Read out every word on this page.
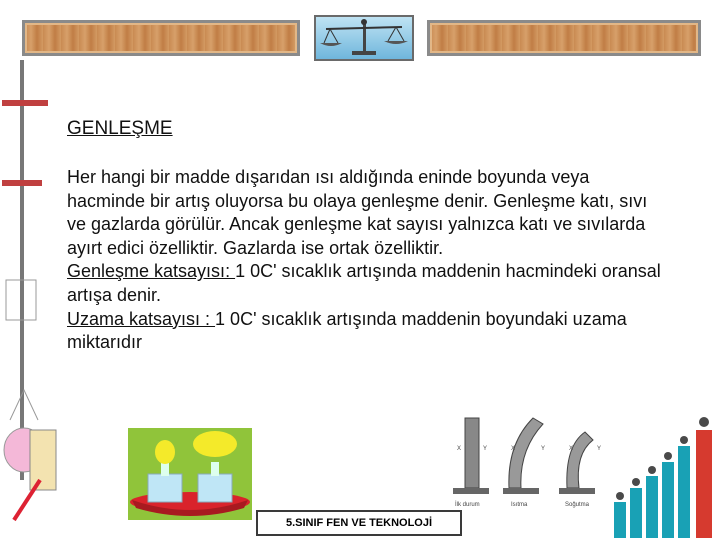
GENLEŞME

Her hangi bir madde dışarıdan ısı aldığında eninde boyunda veya hacminde bir artış oluyorsa bu olaya genleşme denir. Genleşme katı, sıvı ve gazlarda görülür. Ancak genleşme kat sayısı yalnızca katı ve sıvılarda ayırt edici özelliktir. Gazlarda ise ortak özelliktir.

Genleşme katsayısı: 1 0C' sıcaklık artışında maddenin hacmindeki oransal artışa denir.

Uzama katsayısı : 1 0C' sıcaklık artışında maddenin boyundaki uzama miktarıdır

X	Y	X	Y	X	Y
İlk durum	Isıtma	Soğutma
5.SINIF FEN VE TEKNOLOJİ
